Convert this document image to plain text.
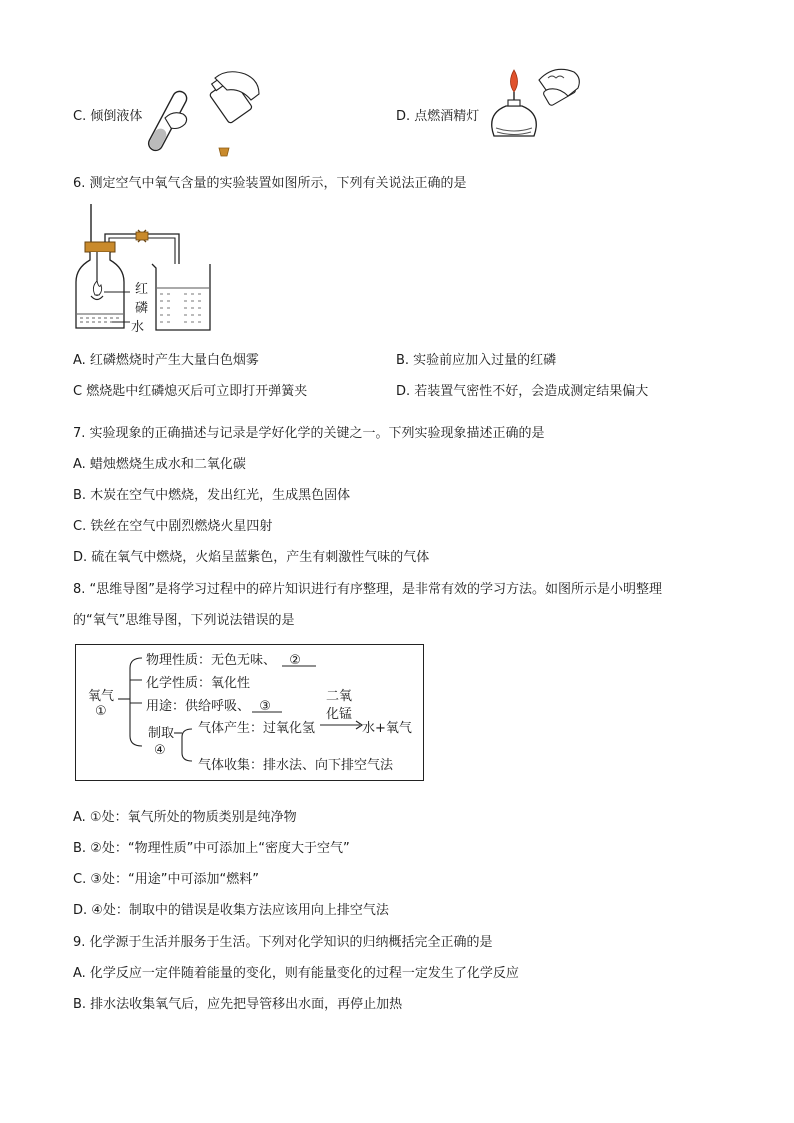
C. 倾倒液体	D. 点燃酒精灯
6. 测定空气中氧气含量的实验装置如图所示，下列有关说法正确的是
红
磷
水
A. 红磷燃烧时产生大量白色烟雾	B. 实验前应加入过量的红磷
C 燃烧匙中红磷熄灭后可立即打开弹簧夹	D. 若装置气密性不好，会造成测定结果偏大
7. 实验现象的正确描述与记录是学好化学的关键之一。下列实验现象描述正确的是
A. 蜡烛燃烧生成水和二氧化碳
B. 木炭在空气中燃烧，发出红光，生成黑色固体
C. 铁丝在空气中剧烈燃烧火星四射
D. 硫在氧气中燃烧，火焰呈蓝紫色，产生有刺激性气味的气体
8. “思维导图”是将学习过程中的碎片知识进行有序整理，是非常有效的学习方法。如图所示是小明整理
的“氧气”思维导图，下列说法错误的是
氧气
①
物理性质：无色无味、 ②
化学性质：氧化性
用途：供给呼吸、 ③
制取
④
气体产生：过氧化氢
二氧
化锰
水+氧气
气体收集：排水法、向下排空气法
A. ①处：氧气所处的物质类别是纯净物
B. ②处：“物理性质”中可添加上“密度大于空气”
C. ③处：“用途”中可添加“燃料”
D. ④处：制取中的错误是收集方法应该用向上排空气法
9. 化学源于生活并服务于生活。下列对化学知识的归纳概括完全正确的是
A. 化学反应一定伴随着能量的变化，则有能量变化的过程一定发生了化学反应
B. 排水法收集氧气后，应先把导管移出水面，再停止加热
